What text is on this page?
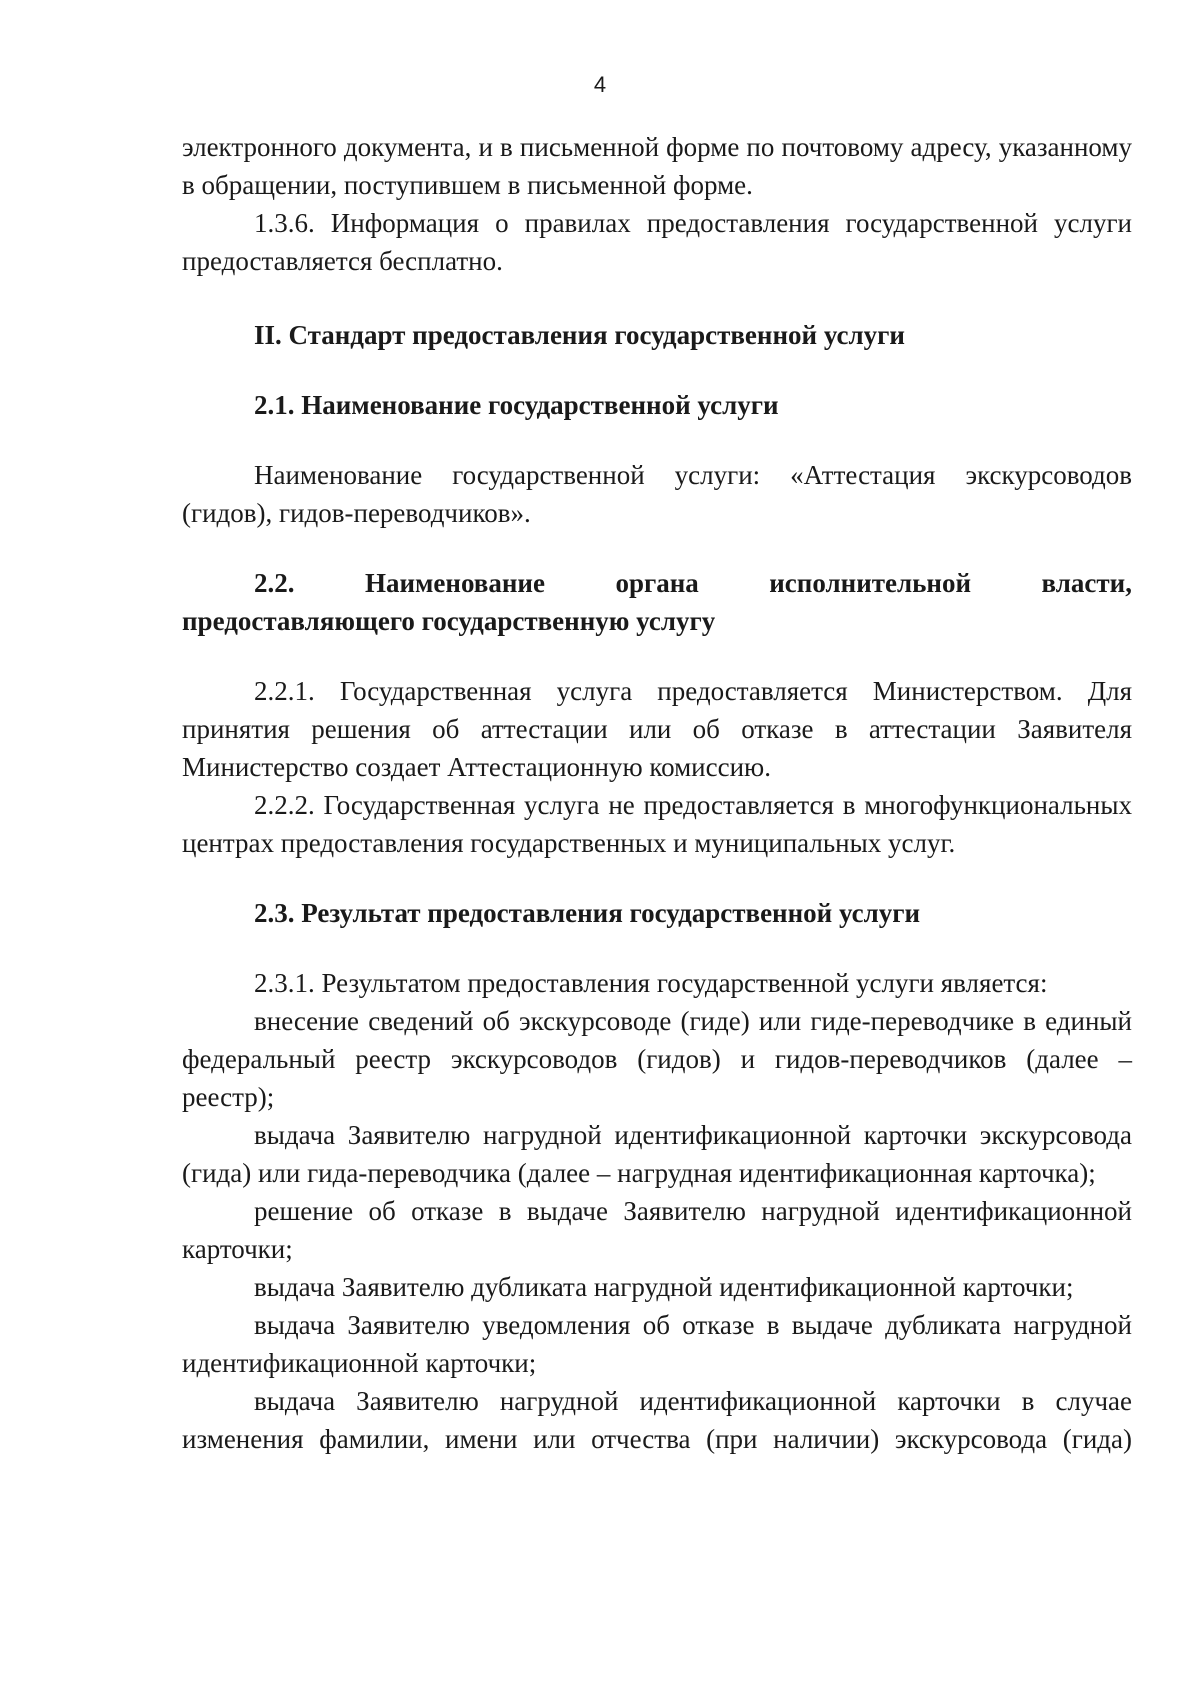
4

электронного документа, и в письменной форме по почтовому адресу, указанному в обращении, поступившем в письменной форме.

1.3.6. Информация о правилах предоставления государственной услуги предоставляется бесплатно.

II. Стандарт предоставления государственной услуги

2.1. Наименование государственной услуги

Наименование государственной услуги: «Аттестация экскурсоводов (гидов), гидов-переводчиков».

2.2.	Наименование	органа	исполнительной	власти,

предоставляющего государственную услугу

2.2.1. Государственная услуга предоставляется Министерством. Для принятия решения об аттестации или об отказе в аттестации Заявителя Министерство создает Аттестационную комиссию.

2.2.2. Государственная услуга не предоставляется в многофункциональных центрах предоставления государственных и муниципальных услуг.

2.3. Результат предоставления государственной услуги

2.3.1. Результатом предоставления государственной услуги является:

внесение сведений об экскурсоводе (гиде) или гиде-переводчике в единый федеральный реестр экскурсоводов (гидов) и гидов-переводчиков (далее – реестр);

выдача Заявителю нагрудной идентификационной карточки экскурсовода (гида) или гида-переводчика (далее – нагрудная идентификационная карточка);

решение об отказе в выдаче Заявителю нагрудной идентификационной карточки;

выдача Заявителю дубликата нагрудной идентификационной карточки;

выдача Заявителю уведомления об отказе в выдаче дубликата нагрудной идентификационной карточки;

выдача Заявителю нагрудной идентификационной карточки в случае изменения фамилии, имени или отчества (при наличии) экскурсовода (гида)
